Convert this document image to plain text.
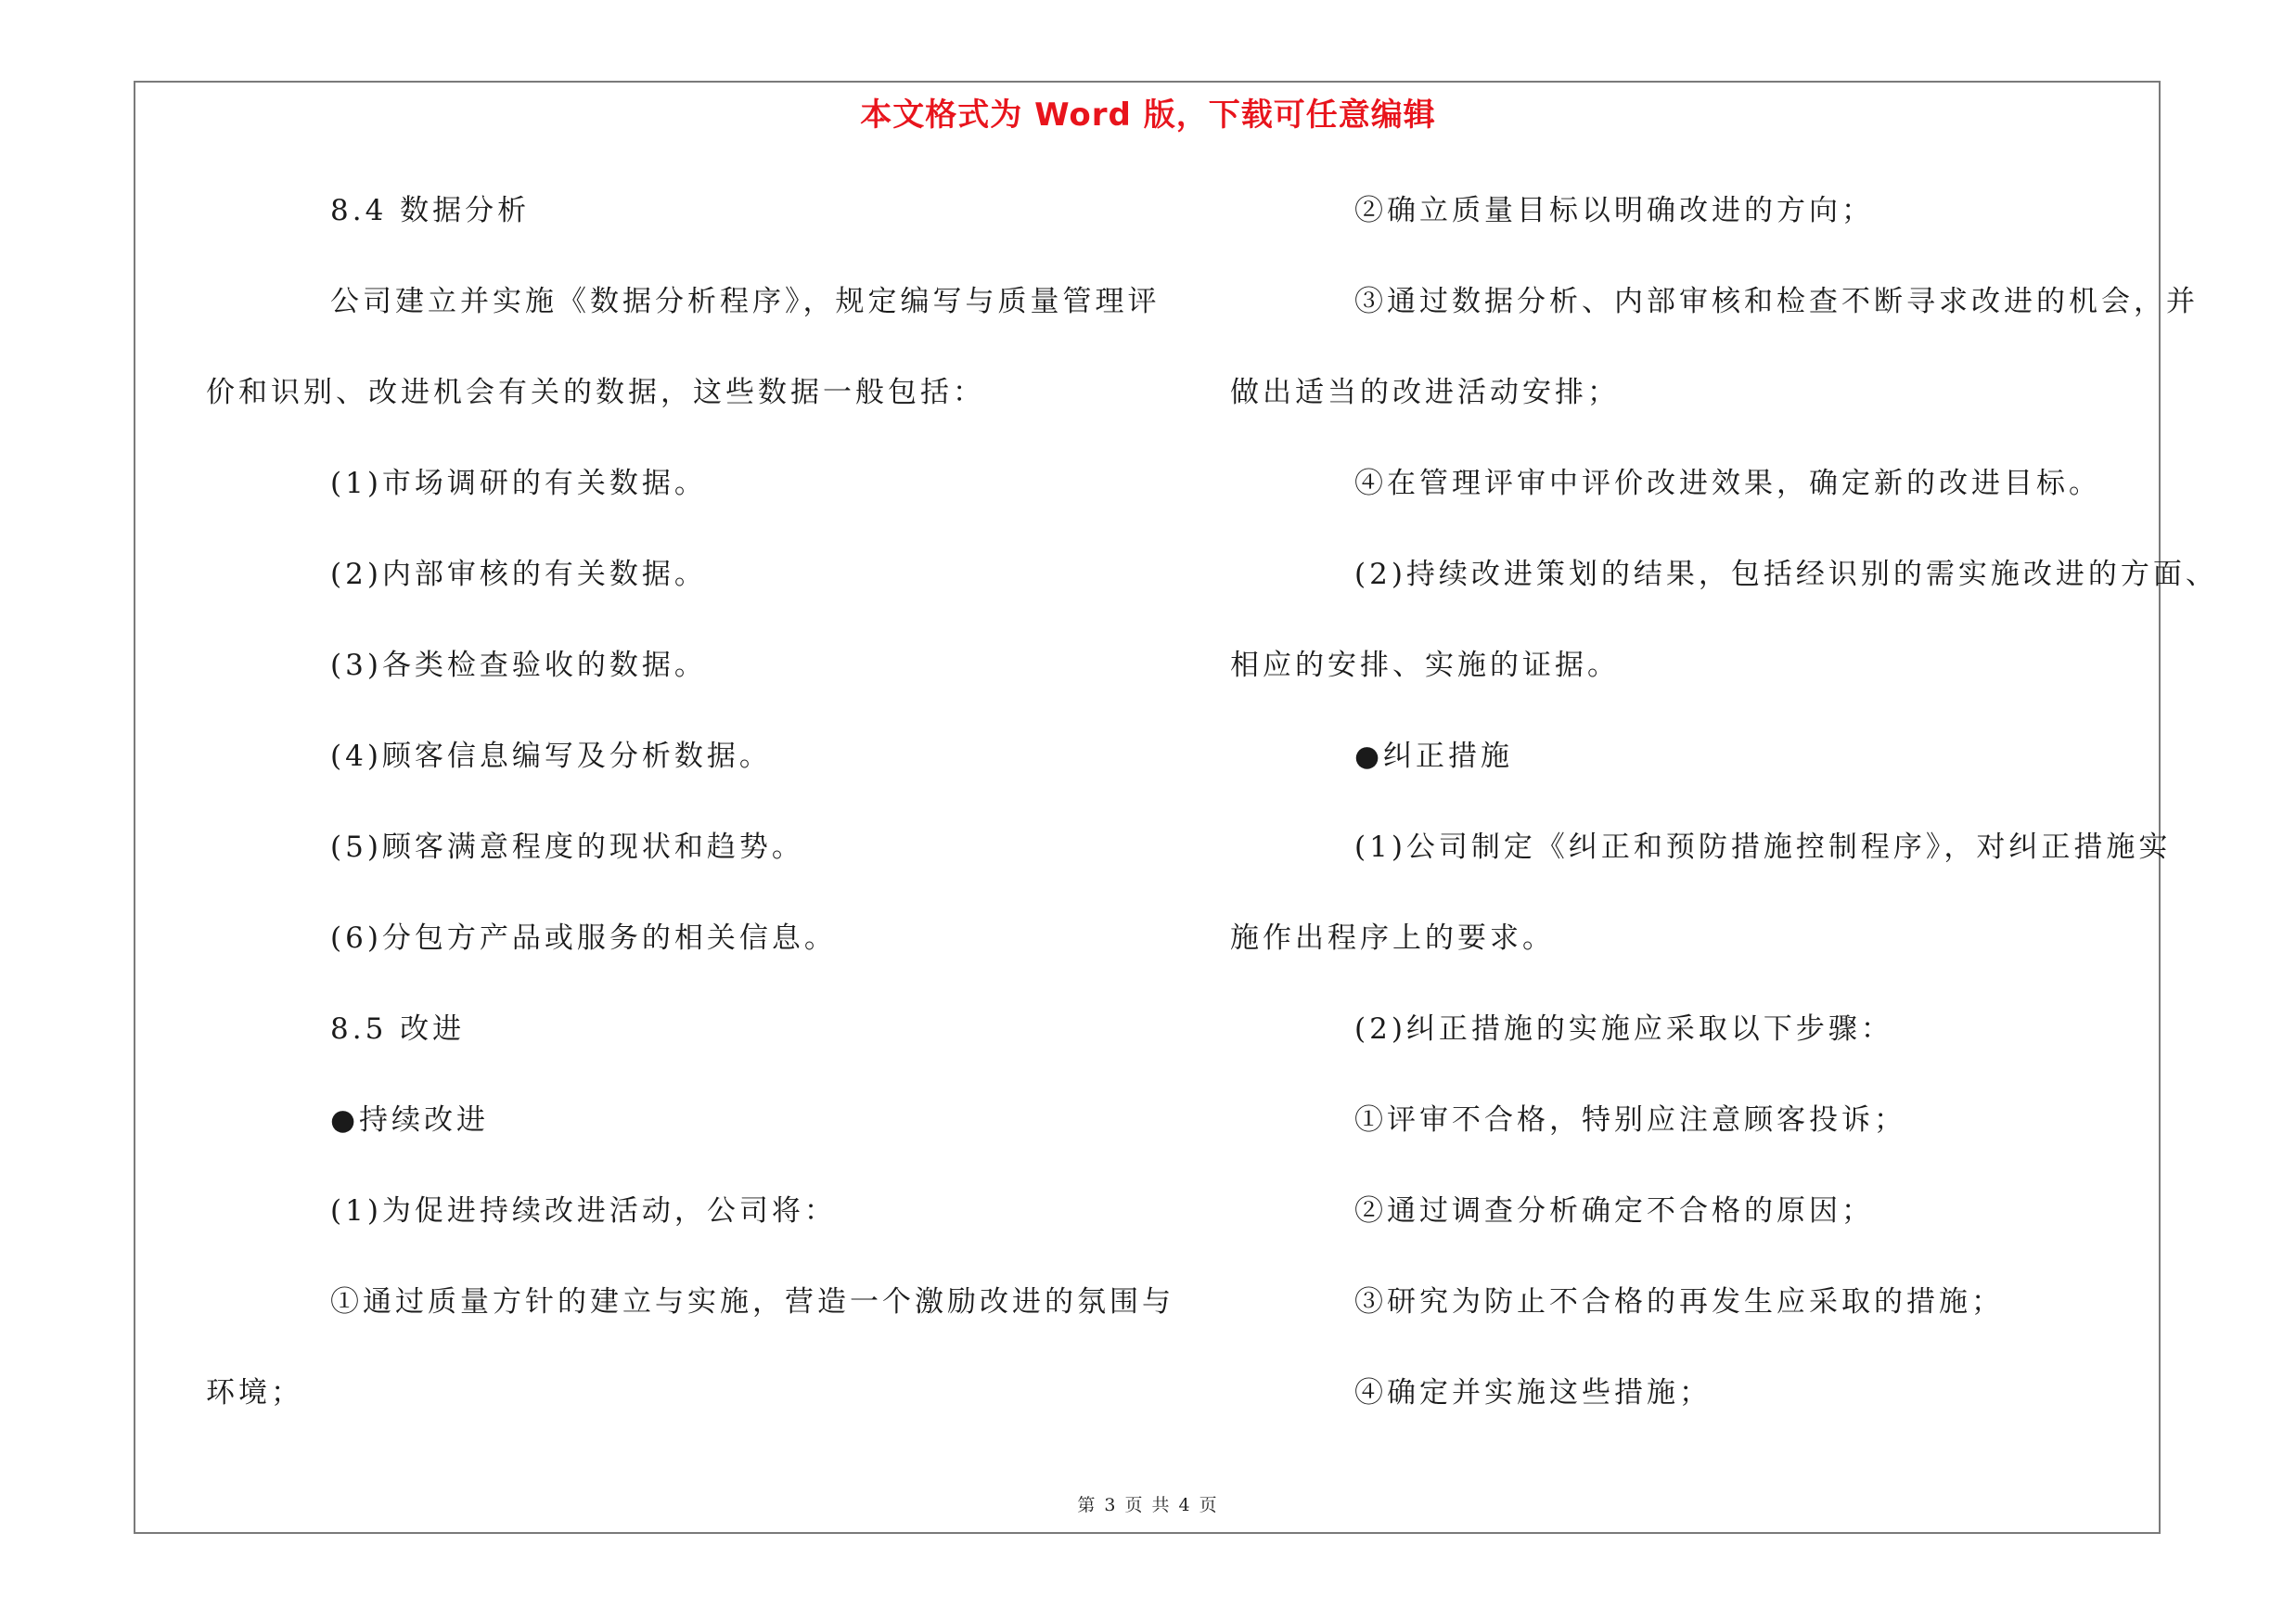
本文格式为 Word 版，下载可任意编辑
8.4 数据分析
公司建立并实施《数据分析程序》，规定编写与质量管理评
价和识别、改进机会有关的数据，这些数据一般包括：
(1)市场调研的有关数据。
(2)内部审核的有关数据。
(3)各类检查验收的数据。
(4)顾客信息编写及分析数据。
(5)顾客满意程度的现状和趋势。
(6)分包方产品或服务的相关信息。
8.5 改进
●持续改进
(1)为促进持续改进活动，公司将：
①通过质量方针的建立与实施，营造一个激励改进的氛围与
环境；
②确立质量目标以明确改进的方向；
③通过数据分析、内部审核和检查不断寻求改进的机会，并
做出适当的改进活动安排；
④在管理评审中评价改进效果，确定新的改进目标。
(2)持续改进策划的结果，包括经识别的需实施改进的方面、
相应的安排、实施的证据。
●纠正措施
(1)公司制定《纠正和预防措施控制程序》，对纠正措施实
施作出程序上的要求。
(2)纠正措施的实施应采取以下步骤：
①评审不合格，特别应注意顾客投诉；
②通过调查分析确定不合格的原因；
③研究为防止不合格的再发生应采取的措施；
④确定并实施这些措施；
第 3 页 共 4 页
